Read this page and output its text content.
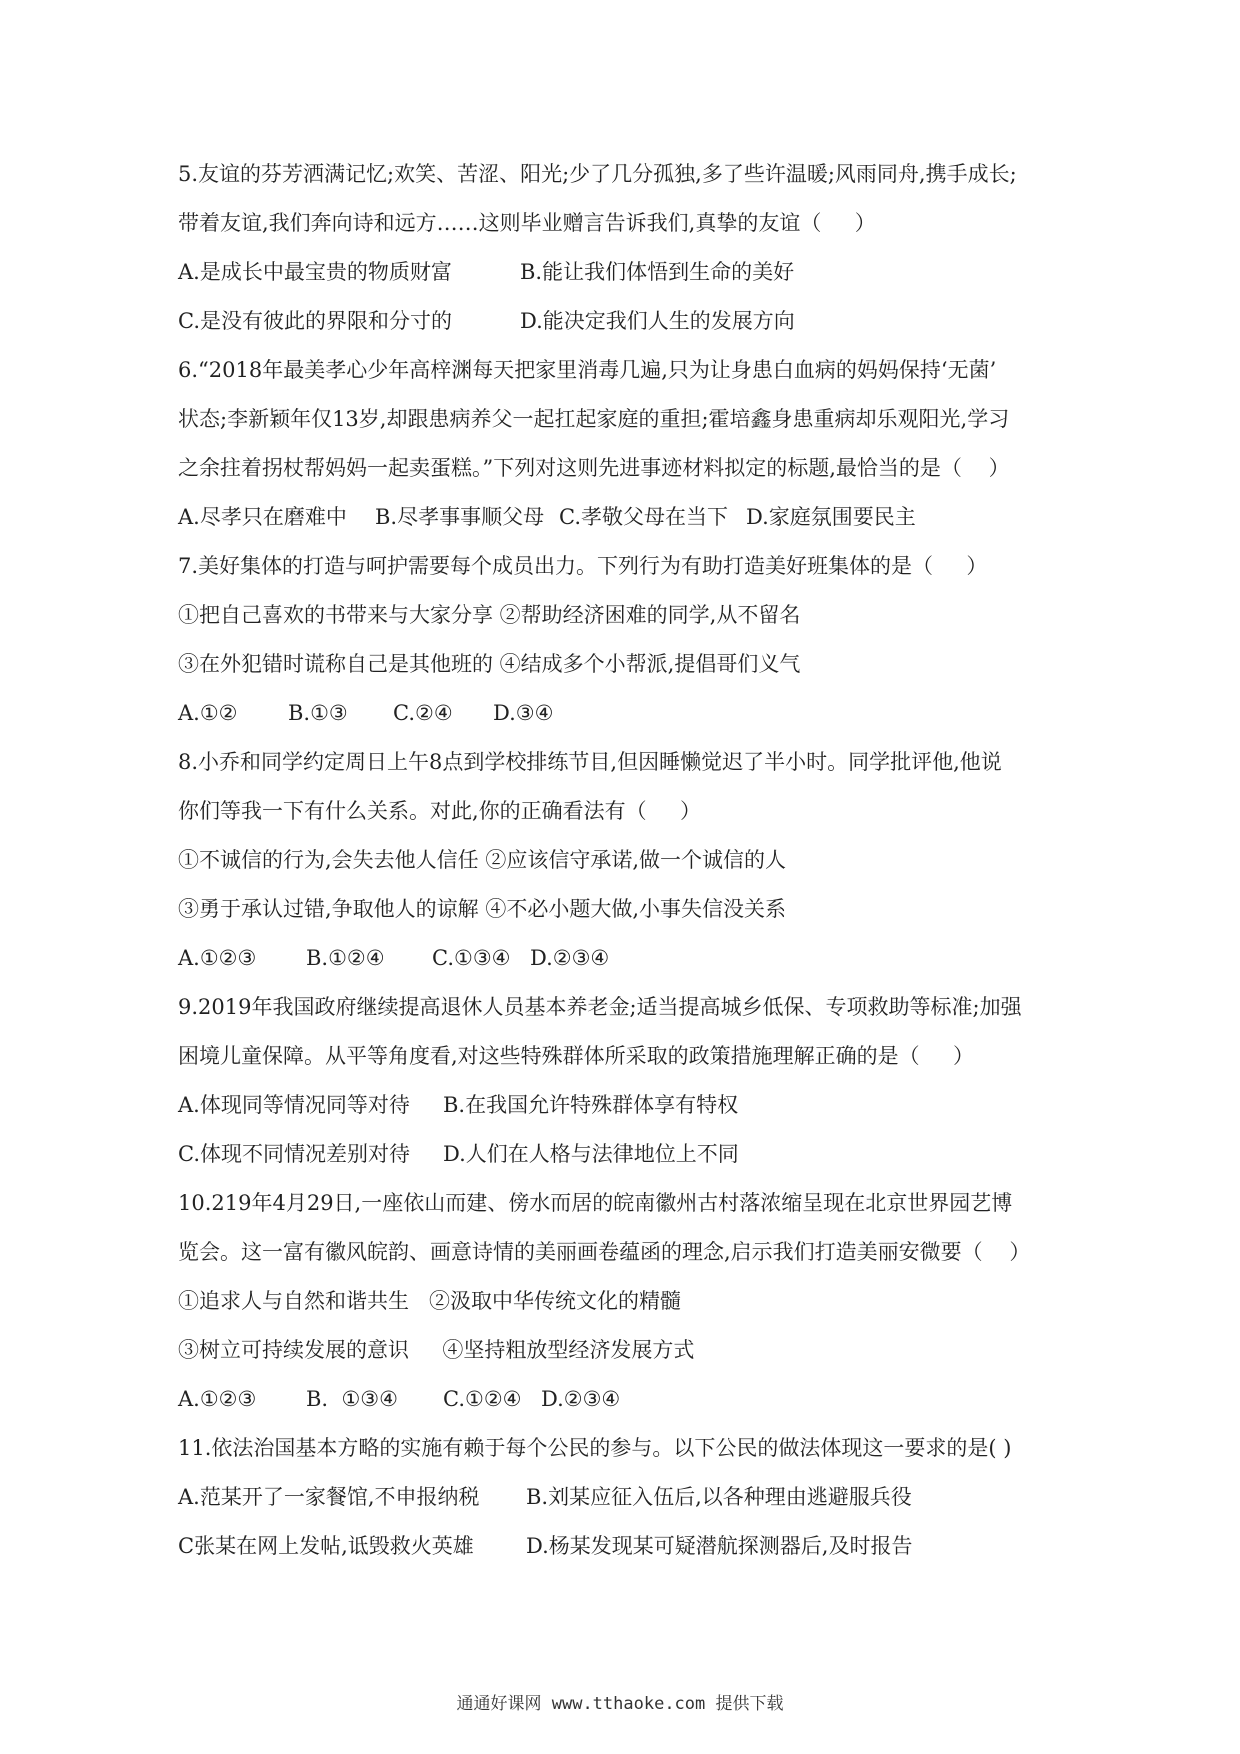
5.友谊的芬芳洒满记忆;欢笑、苦涩、阳光;少了几分孤独,多了些许温暖;风雨同舟,携手成长;
带着友谊,我们奔向诗和远方……这则毕业赠言告诉我们,真挚的友谊（     ）
A.是成长中最宝贵的物质财富	B.能让我们体悟到生命的美好
C.是没有彼此的界限和分寸的	D.能决定我们人生的发展方向
6.“2018年最美孝心少年高梓渊每天把家里消毒几遍,只为让身患白血病的妈妈保持‘无菌’
状态;李新颖年仅13岁,却跟患病养父一起扛起家庭的重担;霍培鑫身患重病却乐观阳光,学习
之余拄着拐杖帮妈妈一起卖蛋糕。”下列对这则先进事迹材料拟定的标题,最恰当的是（    ）
A.尽孝只在磨难中 B.尽孝事事顺父母 C.孝敬父母在当下 D.家庭氛围要民主
7.美好集体的打造与呵护需要每个成员出力。下列行为有助打造美好班集体的是（     ）
①把自己喜欢的书带来与大家分享 ②帮助经济困难的同学,从不留名
③在外犯错时谎称自己是其他班的 ④结成多个小帮派,提倡哥们义气
A.①② B.①③ C.②④ D.③④
8.小乔和同学约定周日上午8点到学校排练节目,但因睡懒觉迟了半小时。同学批评他,他说
你们等我一下有什么关系。对此,你的正确看法有（     ）
①不诚信的行为,会失去他人信任 ②应该信守承诺,做一个诚信的人
③勇于承认过错,争取他人的谅解 ④不必小题大做,小事失信没关系
A.①②③ B.①②④ C.①③④ D.②③④
9.2019年我国政府继续提高退休人员基本养老金;适当提高城乡低保、专项救助等标准;加强
困境儿童保障。从平等角度看,对这些特殊群体所采取的政策措施理解正确的是（     ）
A.体现同等情况同等对待 B.在我国允许特殊群体享有特权
C.体现不同情况差别对待 D.人们在人格与法律地位上不同
10.219年4月29日,一座依山而建、傍水而居的皖南徽州古村落浓缩呈现在北京世界园艺博
览会。这一富有徽风皖韵、画意诗情的美丽画卷蕴函的理念,启示我们打造美丽安微要（    ）
①追求人与自然和谐共生   ②汲取中华传统文化的精髓
③树立可持续发展的意识     ④坚持粗放型经济发展方式
A.①②③ B.  ①③④ C.①②④ D.②③④
11.依法治国基本方略的实施有赖于每个公民的参与。以下公民的做法体现这一要求的是( )
A.范某开了一家餐馆,不申报纳税 B.刘某应征入伍后,以各种理由逃避服兵役
C张某在网上发帖,诋毁救火英雄 D.杨某发现某可疑潜航探测器后,及时报告
通通好课网 www.tthaoke.com 提供下载
